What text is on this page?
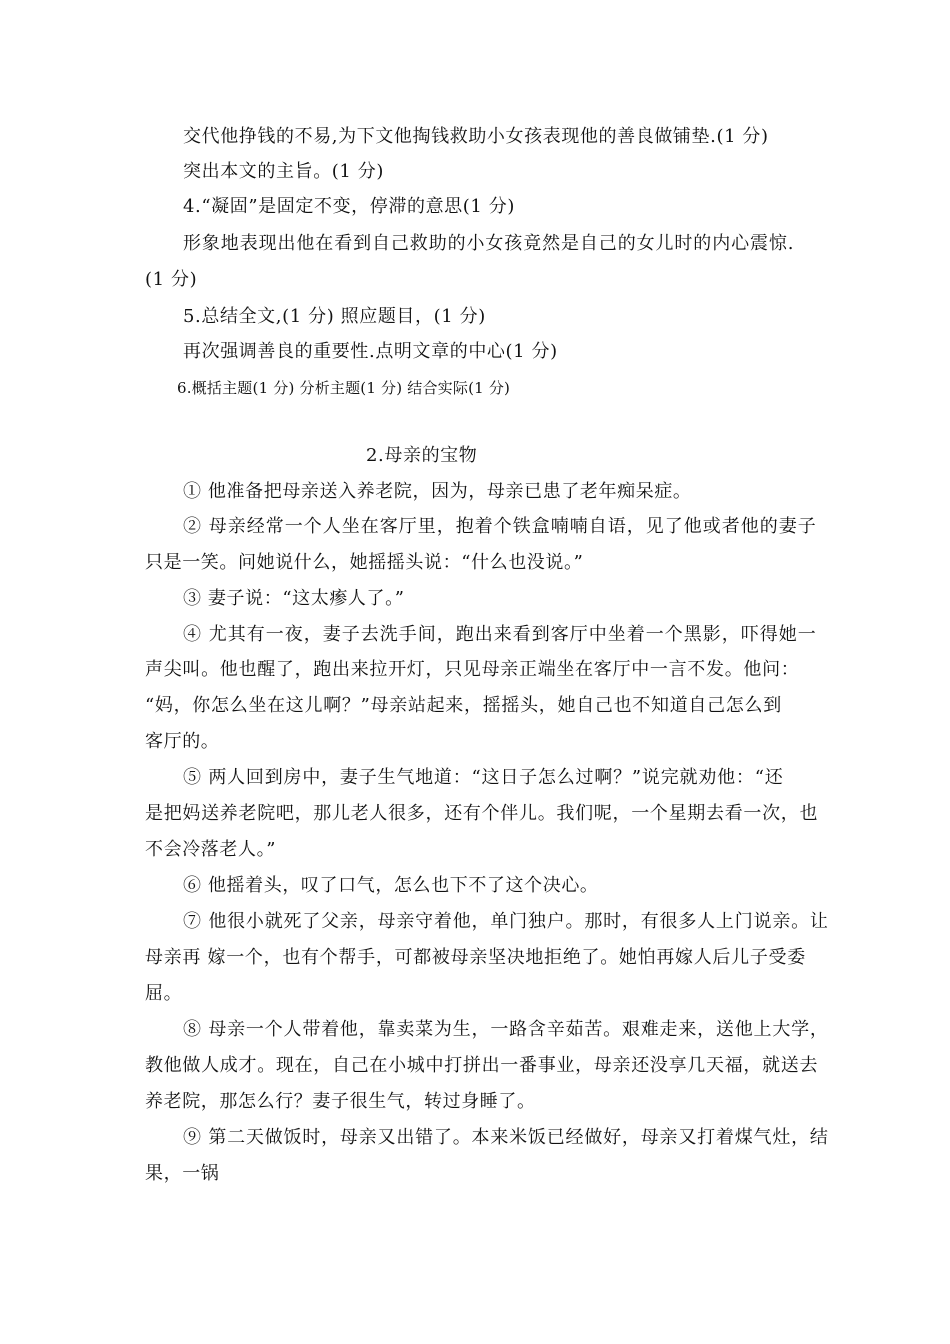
交代他挣钱的不易,为下文他掏钱救助小女孩表现他的善良做铺垫.(1 分)
突出本文的主旨。(1 分)
4.“凝固”是固定不变，停滞的意思(1 分)
形象地表现出他在看到自己救助的小女孩竟然是自己的女儿时的内心震惊.
(1 分)
5.总结全文,(1 分) 照应题目，(1 分)
再次强调善良的重要性.点明文章的中心(1 分)
6.概括主题(1 分) 分析主题(1 分) 结合实际(1 分)
2.母亲的宝物
① 他准备把母亲送入养老院，因为，母亲已患了老年痴呆症。
② 母亲经常一个人坐在客厅里，抱着个铁盒喃喃自语，见了他或者他的妻子
只是一笑。问她说什么，她摇摇头说：“什么也没说。”
③ 妻子说：“这太瘆人了。”
④ 尤其有一夜，妻子去洗手间，跑出来看到客厅中坐着一个黑影，吓得她一
声尖叫。他也醒了，跑出来拉开灯，只见母亲正端坐在客厅中一言不发。他问：
“妈，你怎么坐在这儿啊？”母亲站起来，摇摇头，她自己也不知道自己怎么到
客厅的。
⑤ 两人回到房中，妻子生气地道：“这日子怎么过啊？”说完就劝他：“还
是把妈送养老院吧，那儿老人很多，还有个伴儿。我们呢，一个星期去看一次，也
不会冷落老人。”
⑥ 他摇着头，叹了口气，怎么也下不了这个决心。
⑦ 他很小就死了父亲，母亲守着他，单门独户。那时，有很多人上门说亲。让
母亲再 嫁一个，也有个帮手，可都被母亲坚决地拒绝了。她怕再嫁人后儿子受委
屈。
⑧ 母亲一个人带着他，靠卖菜为生，一路含辛茹苦。艰难走来，送他上大学，
教他做人成才。现在，自己在小城中打拼出一番事业，母亲还没享几天福，就送去
养老院，那怎么行？妻子很生气，转过身睡了。
⑨ 第二天做饭时，母亲又出错了。本来米饭已经做好，母亲又打着煤气灶，结
果，一锅
